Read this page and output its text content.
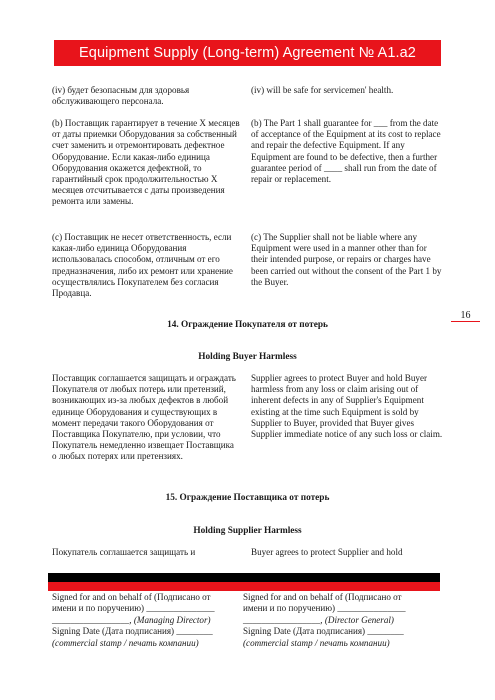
Equipment Supply (Long-term) Agreement № A1.a2

(iv) будет безопасным для здоровья обслуживающего персонала.

(iv) will be safe for servicemen' health.

(b) Поставщик гарантирует в течение X месяцев от даты приемки Оборудования за собственный счет заменить и отремонтировать дефектное Оборудование. Если какая-либо единица Оборудования окажется дефектной, то гарантийный срок продолжительностью X месяцев отсчитывается с даты произведения ремонта или замены.

(b) The Part 1 shall guarantee for ___ from the date of acceptance of the Equipment at its cost to replace and repair the defective Equipment. If any Equipment are found to be defective, then a further guarantee period of ____ shall run from the date of repair or replacement.

(c) Поставщик не несет ответственность, если какая-либо единица Оборудования использовалась способом, отличным от его предназначения, либо их ремонт или хранение осуществлялись Покупателем без согласия Продавца.

(c) The Supplier shall not be liable where any Equipment were used in a manner other than for their intended purpose, or repairs or charges have been carried out without the consent of the Part 1 by the Buyer.

16

14. Ограждение Покупателя от потерь

Holding Buyer Harmless

Поставщик соглашается защищать и ограждать Покупателя от любых потерь или претензий, возникающих из-за любых дефектов в любой единице Оборудования и существующих в момент передачи такого Оборудования от Поставщика Покупателю, при условии, что Покупатель немедленно извещает Поставщика о любых потерях или претензиях.

Supplier agrees to protect Buyer and hold Buyer harmless from any loss or claim arising out of inherent defects in any of Supplier's Equipment existing at the time such Equipment is sold by Supplier to Buyer, provided that Buyer gives Supplier immediate notice of any such loss or claim.

15. Ограждение Поставщика от потерь

Holding Supplier Harmless

Покупатель соглашается защищать и	Buyer agrees to protect Supplier and hold

Signed for and on behalf of (Подписано от
имени и по поручению) _______________
_________________, (Managing Director)
Signing Date (Дата подписания) ________
(commercial stamp / печать компании)
Signed for and on behalf of (Подписано от
имени и по поручению) _______________
_________________, (Director General)
Signing Date (Дата подписания) ________
(commercial stamp / печать компании)
